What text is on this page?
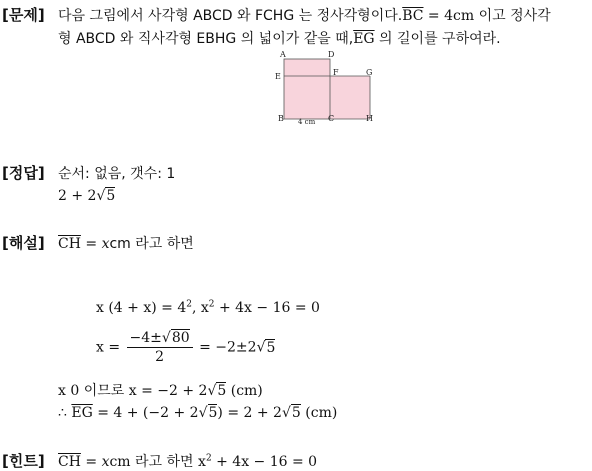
[문제] 다음 그림에서 사각형 ABCD 와 FCHG 는 정사각형이다$.\overline{BC} = 4cm$ 이고 정사각
형 ABCD 와 직사각형 EBHG 의 넓이가 같을 때$,\overline{EG}$ 의 길이를 구하여라.
A	D
E	F	G
B	C	H
4 cm
[정답] 순서: 없음, 갯수: 1
2 + 2√5
[해설] $\overline{CH}$ = xcm 라고 하면
x $(4 + x) = 4^2$, $x^2 + 4x - 16 = 0$
$x = \frac{-4\pm√80}{2} = -2\pm 2√5$
x 0 이므로 x = −2 + 2√5 (cm)
∴ $\overline{EG} = 4 + (-2 + 2√5) = 2 + 2√5$ (cm)
[힌트] $\overline{CH}$ = xcm 라고 하면 $x^2 + 4x - 16 = 0$
